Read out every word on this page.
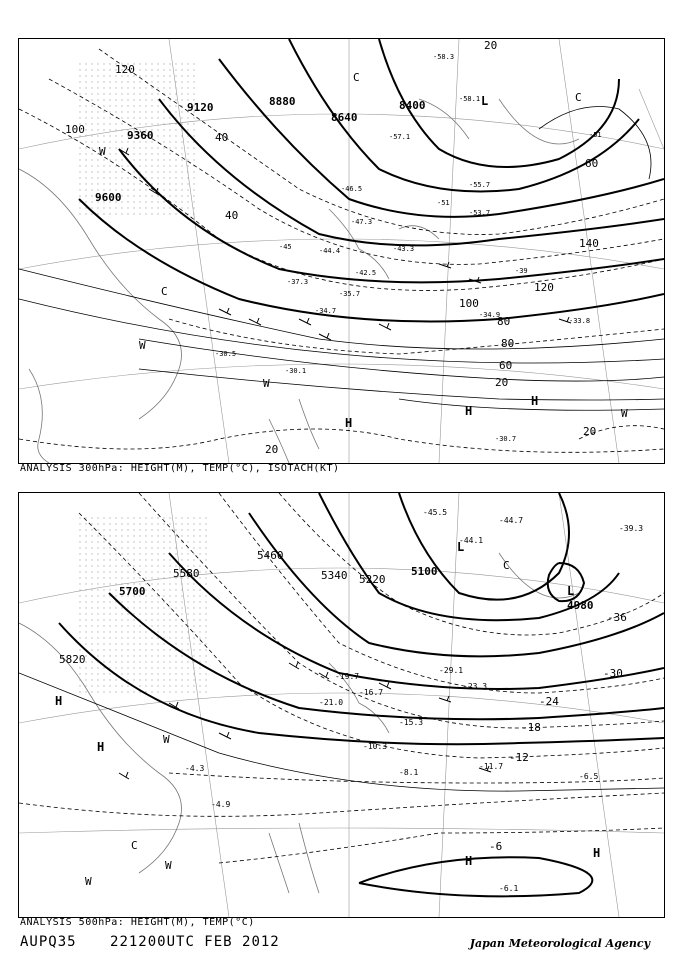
9600
9360
9120	8880
8640
8400
100
120
40
40
60
140
120
100
80
80
60
20
20
20
20
-58.3
-58.1
-57.1
-55.7
-53.7
-51
-51
-47.3
-46.5
-45	-44.4	-43.3
-42.5	-39
-37.3
-35.7
-34.7	-34.9
-33.8
-30.5
-30.1
-30.7
L
H
H
H
W
W
W
W
C
C
C
ANALYSIS 300hPa: HEIGHT(M), TEMP(°C), ISOTACH(KT)
5820
5700
5580
5460
5340 5220
5100
4980
-45.5
-44.7
-44.1
-39.3
-36
-30
-24
-18
-12
-6
-29.1
-23.3
-21.0
-19.7
-16.7
-15.3
-11.7
-10.3
-8.1	-6.5
-4.9
-4.3
-6.1
L
L
H
H
H
H
W
W
W
C
C
ANALYSIS 500hPa: HEIGHT(M), TEMP(°C)
AUPQ35 221200UTC FEB 2012	Japan Meteorological Agency
